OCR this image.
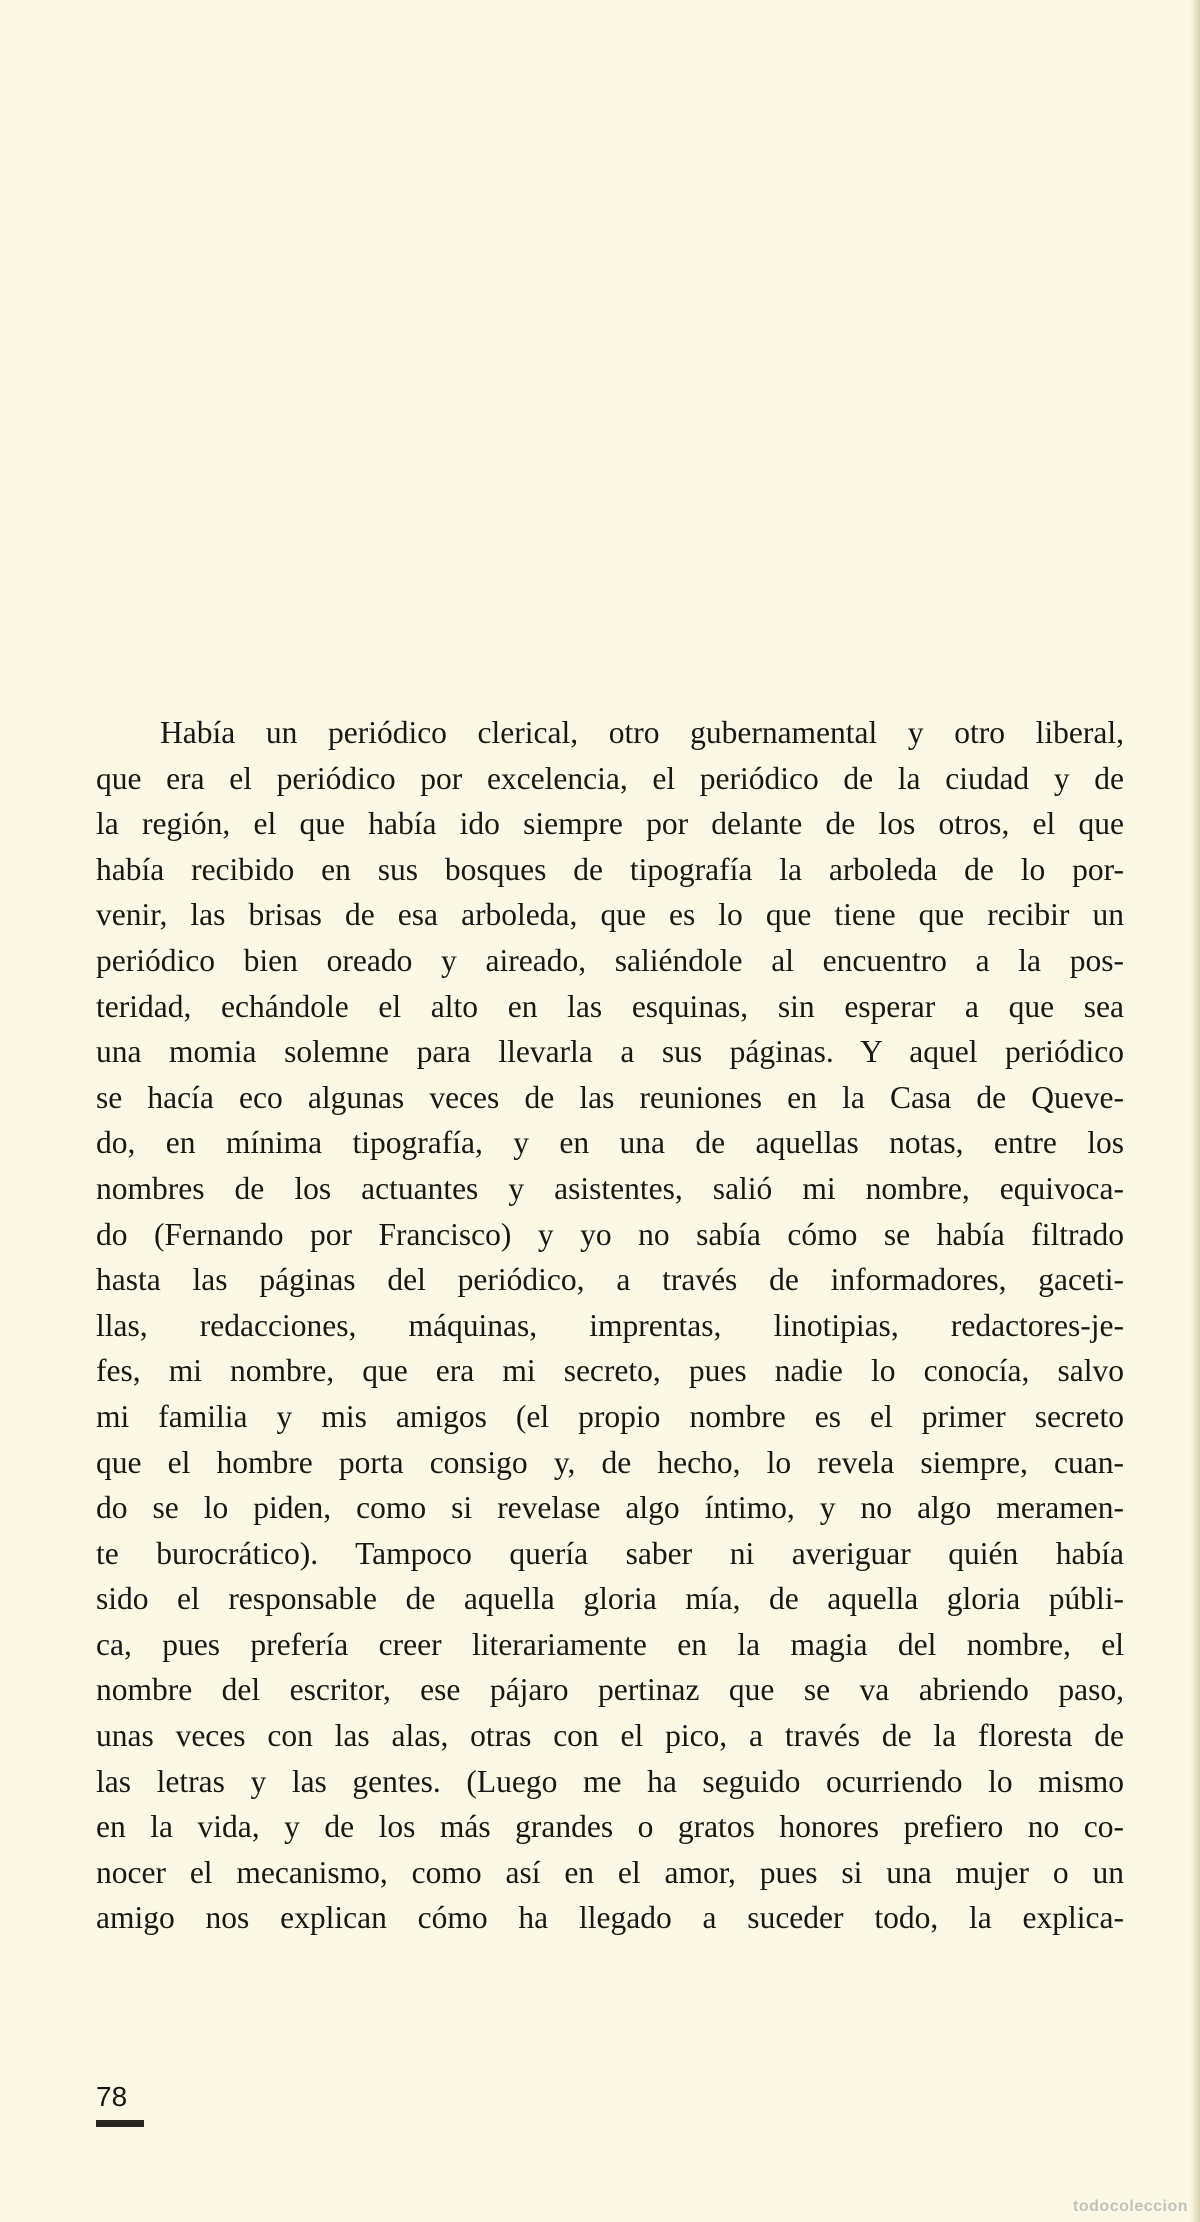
Había un periódico clerical, otro gubernamental y otro liberal,
que era el periódico por excelencia, el periódico de la ciudad y de
la región, el que había ido siempre por delante de los otros, el que
había recibido en sus bosques de tipografía la arboleda de lo por-
venir, las brisas de esa arboleda, que es lo que tiene que recibir un
periódico bien oreado y aireado, saliéndole al encuentro a la pos-
teridad, echándole el alto en las esquinas, sin esperar a que sea
una momia solemne para llevarla a sus páginas. Y aquel periódico
se hacía eco algunas veces de las reuniones en la Casa de Queve-
do, en mínima tipografía, y en una de aquellas notas, entre los
nombres de los actuantes y asistentes, salió mi nombre, equivoca-
do (Fernando por Francisco) y yo no sabía cómo se había filtrado
hasta las páginas del periódico, a través de informadores, gaceti-
llas, redacciones, máquinas, imprentas, linotipias, redactores-je-
fes, mi nombre, que era mi secreto, pues nadie lo conocía, salvo
mi familia y mis amigos (el propio nombre es el primer secreto
que el hombre porta consigo y, de hecho, lo revela siempre, cuan-
do se lo piden, como si revelase algo íntimo, y no algo meramen-
te burocrático). Tampoco quería saber ni averiguar quién había
sido el responsable de aquella gloria mía, de aquella gloria públi-
ca, pues prefería creer literariamente en la magia del nombre, el
nombre del escritor, ese pájaro pertinaz que se va abriendo paso,
unas veces con las alas, otras con el pico, a través de la floresta de
las letras y las gentes. (Luego me ha seguido ocurriendo lo mismo
en la vida, y de los más grandes o gratos honores prefiero no co-
nocer el mecanismo, como así en el amor, pues si una mujer o un
amigo nos explican cómo ha llegado a suceder todo, la explica-
78
todocoleccion
